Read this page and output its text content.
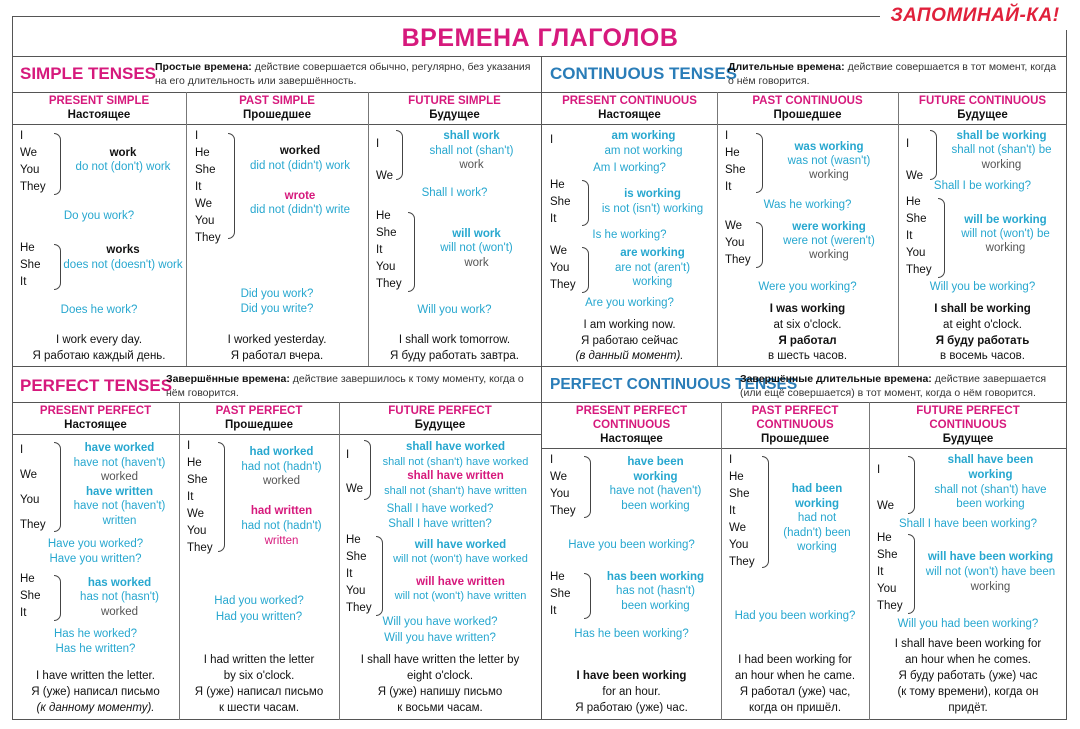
ВРЕМЕНА ГЛАГОЛОВ
ЗАПОМИНАЙ-КА!
SIMPLE TENSES
Простые времена: действие совершается обычно, регулярно, без указания на его длительность или завершённость.	CONTINUOUS TENSES
Длительные времена: действие совершается в тот момент, когда о нём говорится.
PERFECT TENSES
Завершённые времена: действие завершилось к тому моменту, когда о нём говорится.	PERFECT CONTINUOUS TENSES
Завершённые длительные времена: действие завершается (или ещё совершается) в тот момент, когда о нём говорится.
PRESENT SIMPLE
Настоящее
I
We
You
They
work
do not (don't) work
Do you work?
He
She
It
works
does not (doesn't) work
Does he work?
I work every day.
Я работаю каждый день.
PAST SIMPLE
Прошедшее
I
He
She
It
We
You
They
worked
did not (didn't) work
wrote
did not (didn't) write
Did you work?
Did you write?
I worked yesterday.
Я работал вчера.
FUTURE SIMPLE
Будущее
I
We
shall work
shall not (shan't)
work
Shall I work?
He
She
It
You
They
will work
will not (won't)
work
Will you work?
I shall work tomorrow.
Я буду работать завтра.
PRESENT CONTINUOUS
Настоящее
I	am working
am not working
Am I working?
He
She
It
is working
is not (isn't) working
Is he working?
We
You
They
are working
are not (aren't)
working
Are you working?
I am working now.
Я работаю сейчас
(в данный момент).
PAST CONTINUOUS
Прошедшее
I
He
She
It
was working
was not (wasn't)
working
Was he working?
We
You
They
were working
were not (weren't)
working
Were you working?
I was working
at six o'clock.
Я работал
в шесть часов.
FUTURE CONTINUOUS
Будущее
I
We
shall be working
shall not (shan't) be
working
Shall I be working?
He
She
It
You
They
will be working
will not (won't) be
working
Will you be working?
I shall be working
at eight o'clock.
Я буду работать
в восемь часов.
PRESENT PERFECT
Настоящее
I
We
You
They
have worked
have not (haven't)
worked
have written
have not (haven't)
written
Have you worked?
Have you written?
He
She
It
has worked
has not (hasn't)
worked
Has he worked?
Has he written?
I have written the letter.
Я (уже) написал письмо
(к данному моменту).
PAST PERFECT
Прошедшее
I
He
She
It
We
You
They
had worked
had not (hadn't)
worked
had written
had not (hadn't)
written
Had you worked?
Had you written?
I had written the letter
by six o'clock.
Я (уже) написал письмо
к шести часам.
FUTURE PERFECT
Будущее
I
We
shall have worked
shall not (shan't) have worked
shall have written
shall not (shan't) have written
Shall I have worked?
Shall I have written?
He
She
It
You
They
will have worked
will not (won't) have worked
will have written
will not (won't) have written
Will you have worked?
Will you have written?
I shall have written the letter by
eight o'clock.
Я (уже) напишу письмо
к восьми часам.
PRESENT PERFECT
CONTINUOUS
Настоящее
I
We
You
They
have been
working
have not (haven't)
been working
Have you been working?
He
She
It
has been working
has not (hasn't)
been working
Has he been working?
I have been working
for an hour.
Я работаю (уже) час.
PAST PERFECT
CONTINUOUS
Прошедшее
I
He
She
It
We
You
They
had been
working
had not
(hadn't) been
working
Had you been working?
I had been working for
an hour when he came.
Я работал (уже) час,
когда он пришёл.
FUTURE PERFECT
CONTINUOUS
Будущее
I
We
shall have been
working
shall not (shan't) have
been working
Shall I have been working?
He
She
It
You
They
will have been working
will not (won't) have been
working
Will you had been working?
I shall have been working for
an hour when he comes.
Я буду работать (уже) час
(к тому времени), когда он
придёт.
